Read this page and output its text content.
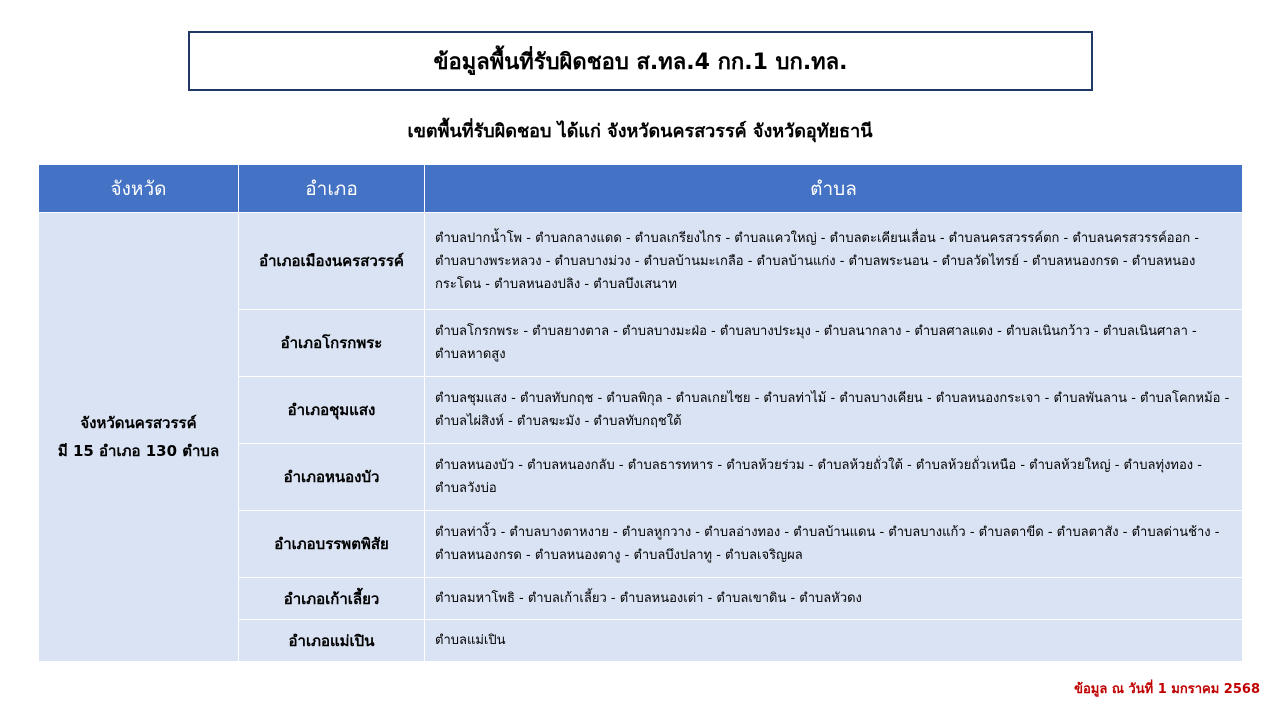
ข้อมูลพื้นที่รับผิดชอบ ส.ทล.4 กก.1 บก.ทล.
เขตพื้นที่รับผิดชอบ ได้แก่ จังหวัดนครสวรรค์ จังหวัดอุทัยธานี
จังหวัด	อำเภอ	ตำบล

จังหวัดนครสวรรค์
มี 15 อำเภอ 130 ตำบล	อำเภอเมืองนครสวรรค์	ตำบลปากน้ำโพ - ตำบลกลางแดด - ตำบลเกรียงไกร - ตำบลแควใหญ่ - ตำบลตะเคียนเลื่อน - ตำบลนครสวรรค์ตก - ตำบลนครสวรรค์ออก - ตำบลบางพระหลวง - ตำบลบางม่วง - ตำบลบ้านมะเกลือ - ตำบลบ้านแก่ง - ตำบลพระนอน - ตำบลวัดไทรย์ - ตำบลหนองกรด - ตำบลหนองกระโดน - ตำบลหนองปลิง - ตำบลบึงเสนาท
	อำเภอโกรกพระ	ตำบลโกรกพระ - ตำบลยางตาล - ตำบลบางมะฝ่อ - ตำบลบางประมุง - ตำบลนากลาง - ตำบลศาลแดง - ตำบลเนินกว้าว - ตำบลเนินศาลา - ตำบลหาดสูง
	อำเภอชุมแสง	ตำบลชุมแสง - ตำบลทับกฤช - ตำบลพิกุล - ตำบลเกยไชย - ตำบลท่าไม้ - ตำบลบางเคียน - ตำบลหนองกระเจา - ตำบลพันลาน - ตำบลโคกหม้อ - ตำบลไผ่สิงห์ - ตำบลฆะมัง - ตำบลทับกฤชใต้
	อำเภอหนองบัว	ตำบลหนองบัว - ตำบลหนองกลับ - ตำบลธารทหาร - ตำบลห้วยร่วม - ตำบลห้วยถั่วใต้ - ตำบลห้วยถั่วเหนือ - ตำบลห้วยใหญ่ - ตำบลทุ่งทอง - ตำบลวังบ่อ
	อำเภอบรรพตพิสัย	ตำบลท่างิ้ว - ตำบลบางตาหงาย - ตำบลหูกวาง - ตำบลอ่างทอง - ตำบลบ้านแดน - ตำบลบางแก้ว - ตำบลตาขีด - ตำบลตาสัง - ตำบลด่านช้าง - ตำบลหนองกรด - ตำบลหนองตางู - ตำบลบึงปลาทู - ตำบลเจริญผล
	อำเภอเก้าเลี้ยว	ตำบลมหาโพธิ - ตำบลเก้าเลี้ยว - ตำบลหนองเต่า - ตำบลเขาดิน - ตำบลหัวดง
	อำเภอแม่เปิน	ตำบลแม่เปิน
ข้อมูล ณ วันที่ 1 มกราคม 2568
